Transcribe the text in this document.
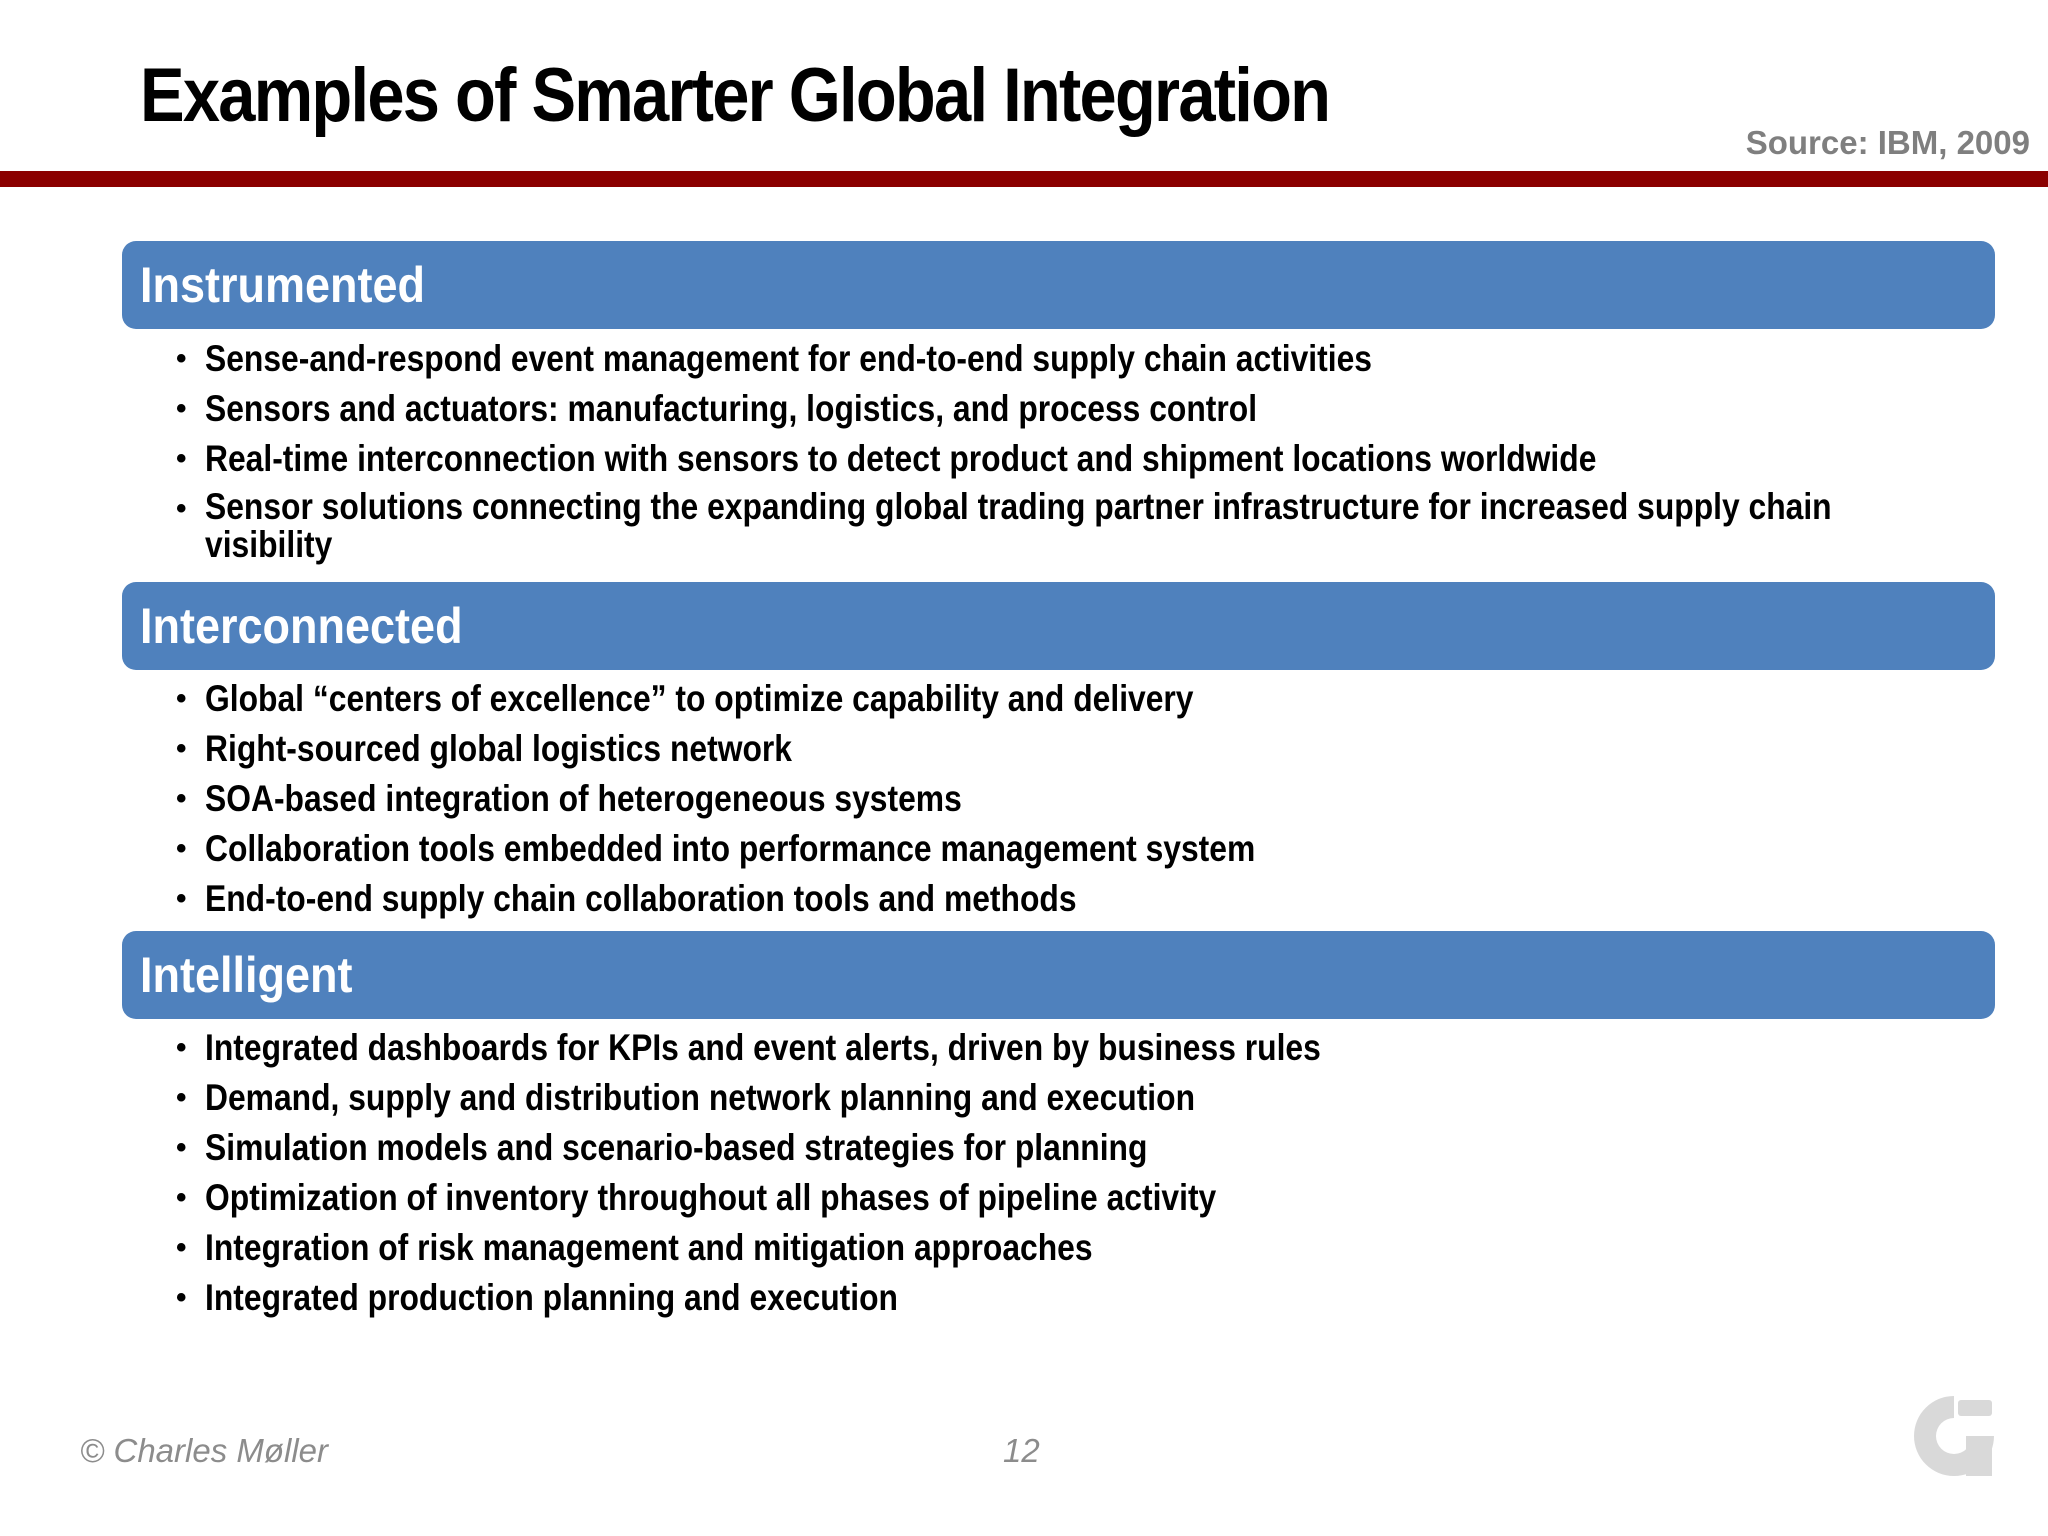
Examples of Smarter Global Integration
Source: IBM, 2009
Instrumented
• Sense-and-respond event management for end-to-end supply chain activities
• Sensors and actuators: manufacturing, logistics, and process control
• Real-time interconnection with sensors to detect product and shipment locations worldwide
• Sensor solutions connecting the expanding global trading partner infrastructure for increased supply chain visibility
Interconnected
• Global “centers of excellence” to optimize capability and delivery
• Right-sourced global logistics network
• SOA-based integration of heterogeneous systems
• Collaboration tools embedded into performance management system
• End-to-end supply chain collaboration tools and methods
Intelligent
• Integrated dashboards for KPIs and event alerts, driven by business rules
• Demand, supply and distribution network planning and execution
• Simulation models and scenario-based strategies for planning
• Optimization of inventory throughout all phases of pipeline activity
• Integration of risk management and mitigation approaches
• Integrated production planning and execution
© Charles Møller	12
